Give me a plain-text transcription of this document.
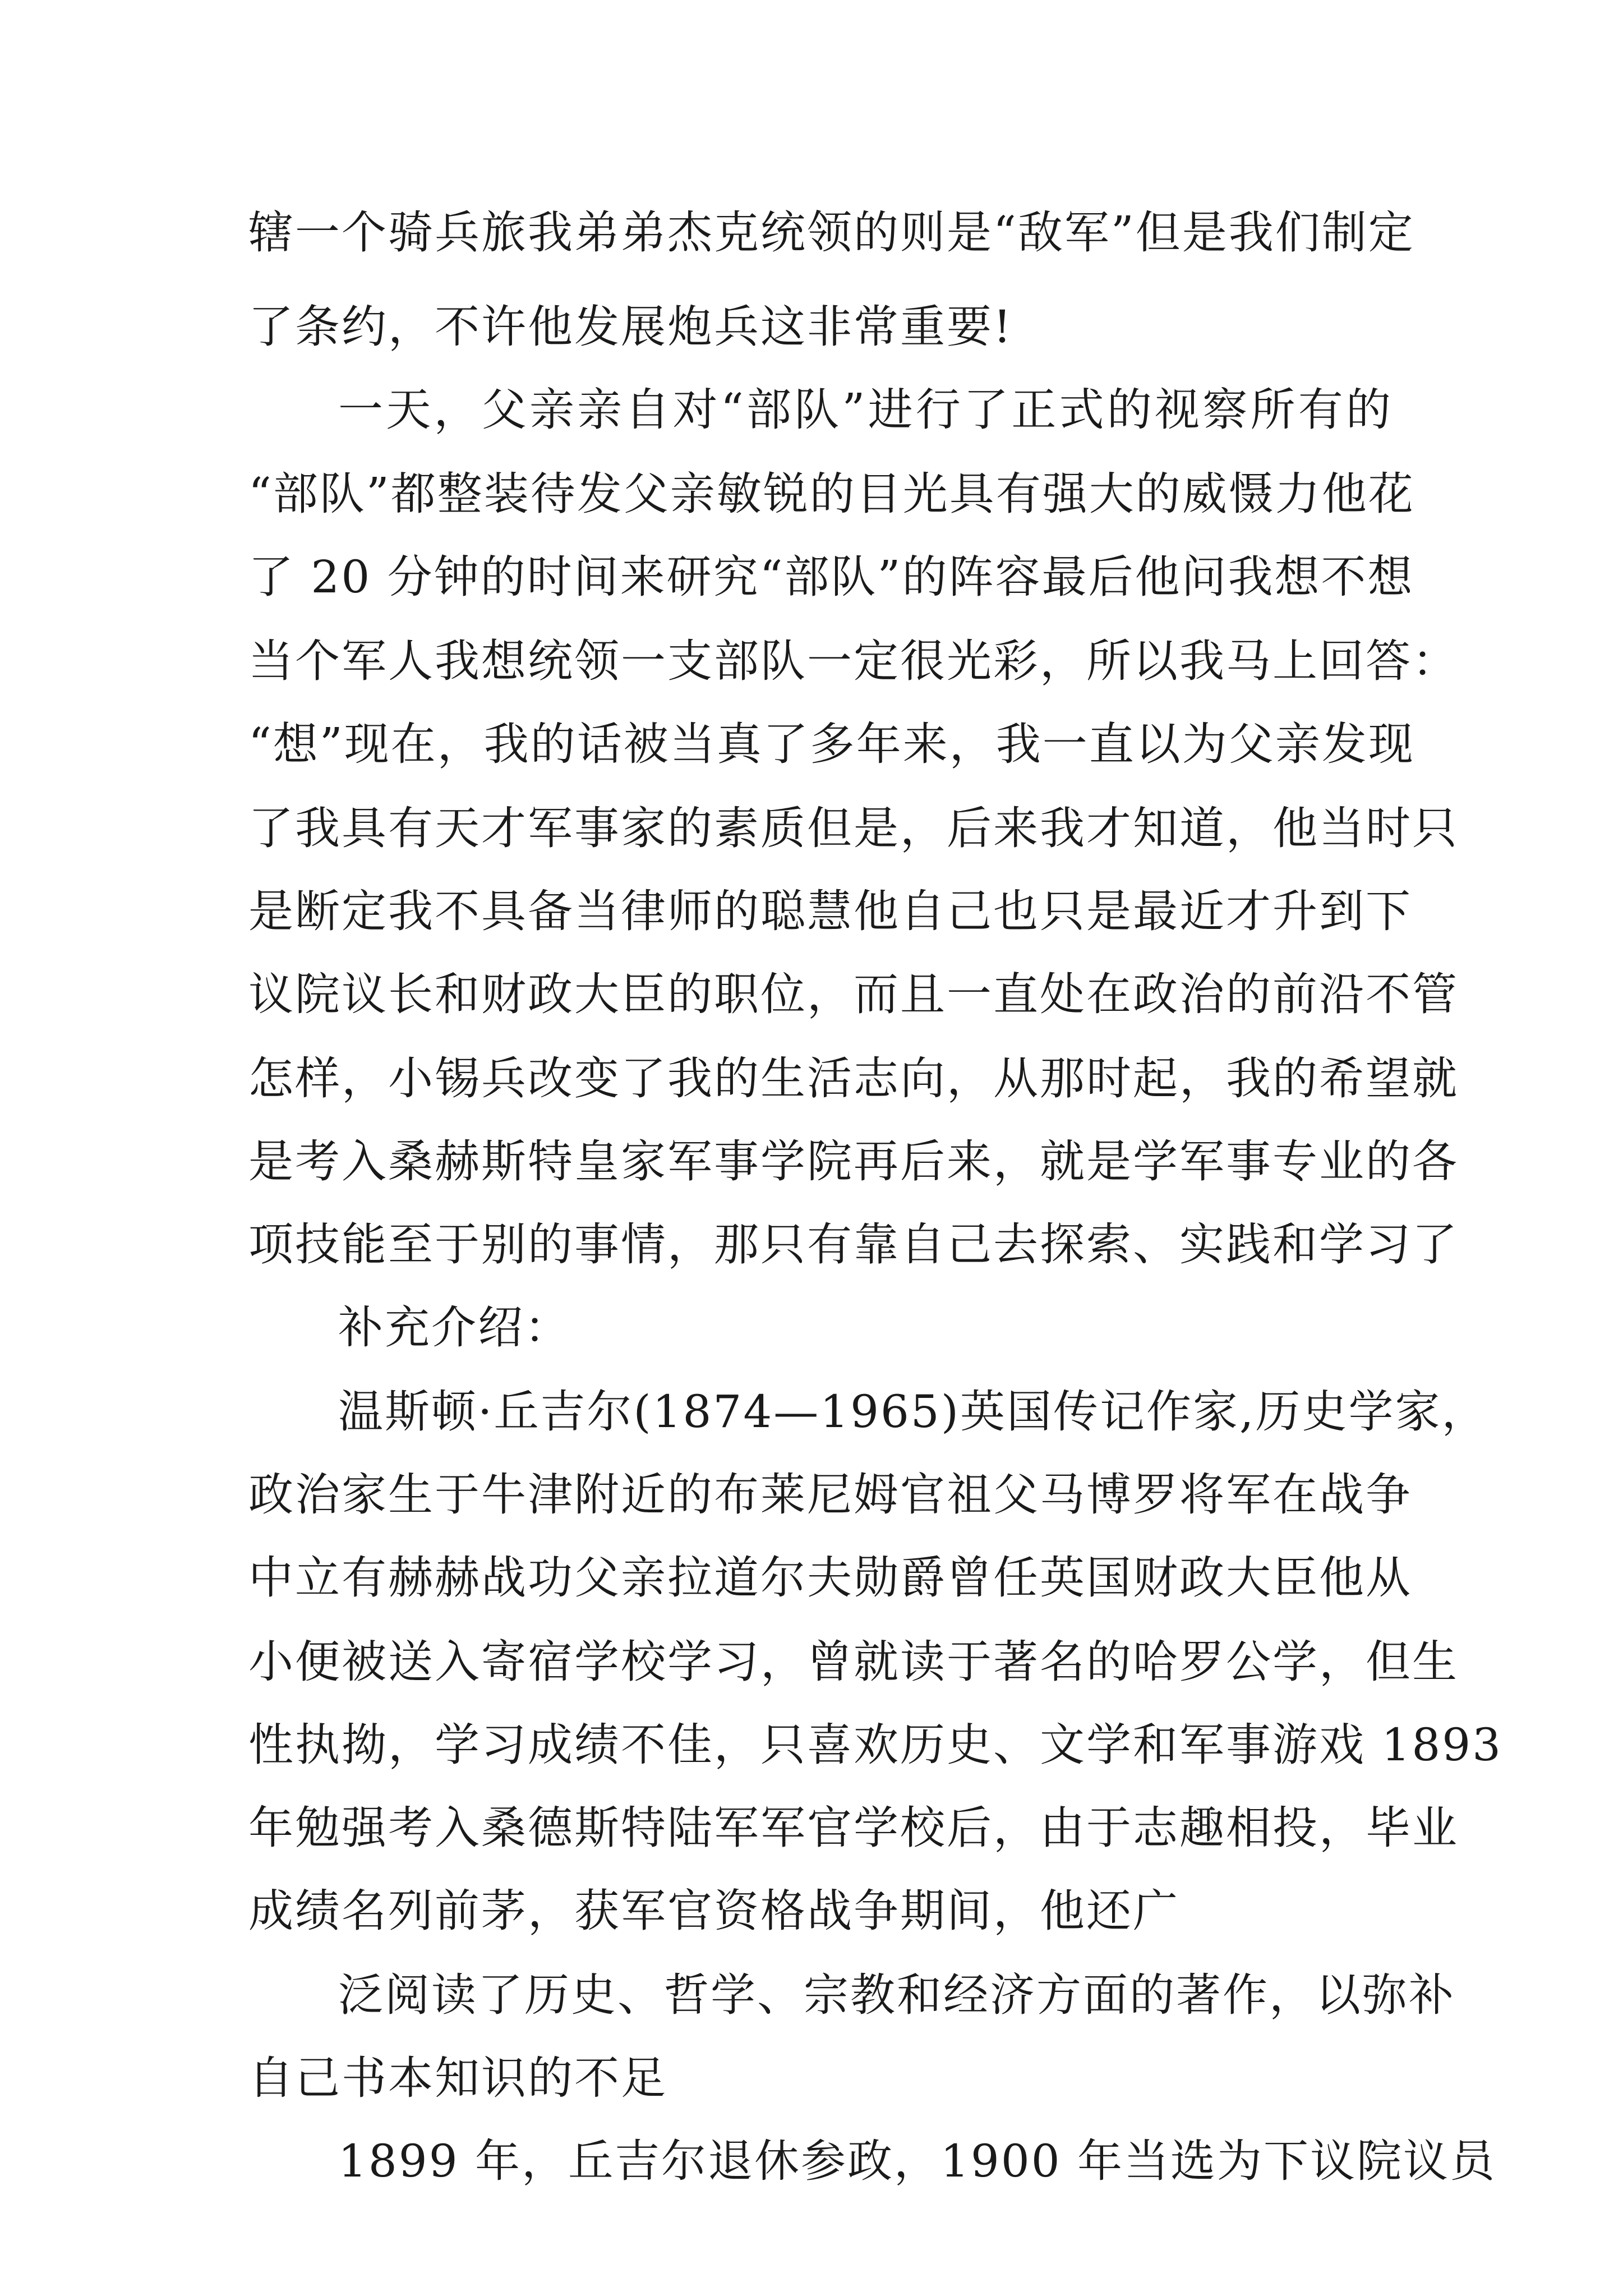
辖一个骑兵旅我弟弟杰克统领的则是“敌军”但是我们制定
了条约，不许他发展炮兵这非常重要!
一天，父亲亲自对“部队”进行了正式的视察所有的
“部队”都整装待发父亲敏锐的目光具有强大的威慑力他花
了 20 分钟的时间来研究“部队”的阵容最后他问我想不想
当个军人我想统领一支部队一定很光彩，所以我马上回答：
“想”现在，我的话被当真了多年来，我一直以为父亲发现
了我具有天才军事家的素质但是，后来我才知道，他当时只
是断定我不具备当律师的聪慧他自己也只是最近才升到下
议院议长和财政大臣的职位，而且一直处在政治的前沿不管
怎样，小锡兵改变了我的生活志向，从那时起，我的希望就
是考入桑赫斯特皇家军事学院再后来，就是学军事专业的各
项技能至于别的事情，那只有靠自己去探索、实践和学习了
补充介绍：
温斯顿·丘吉尔(1874—1965)英国传记作家,历史学家，
政治家生于牛津附近的布莱尼姆官祖父马博罗将军在战争
中立有赫赫战功父亲拉道尔夫勋爵曾任英国财政大臣他从
小便被送入寄宿学校学习，曾就读于著名的哈罗公学，但生
性执拗，学习成绩不佳，只喜欢历史、文学和军事游戏 1893
年勉强考入桑德斯特陆军军官学校后，由于志趣相投，毕业
成绩名列前茅，获军官资格战争期间，他还广
泛阅读了历史、哲学、宗教和经济方面的著作，以弥补
自己书本知识的不足
1899 年，丘吉尔退休参政，1900 年当选为下议院议员
